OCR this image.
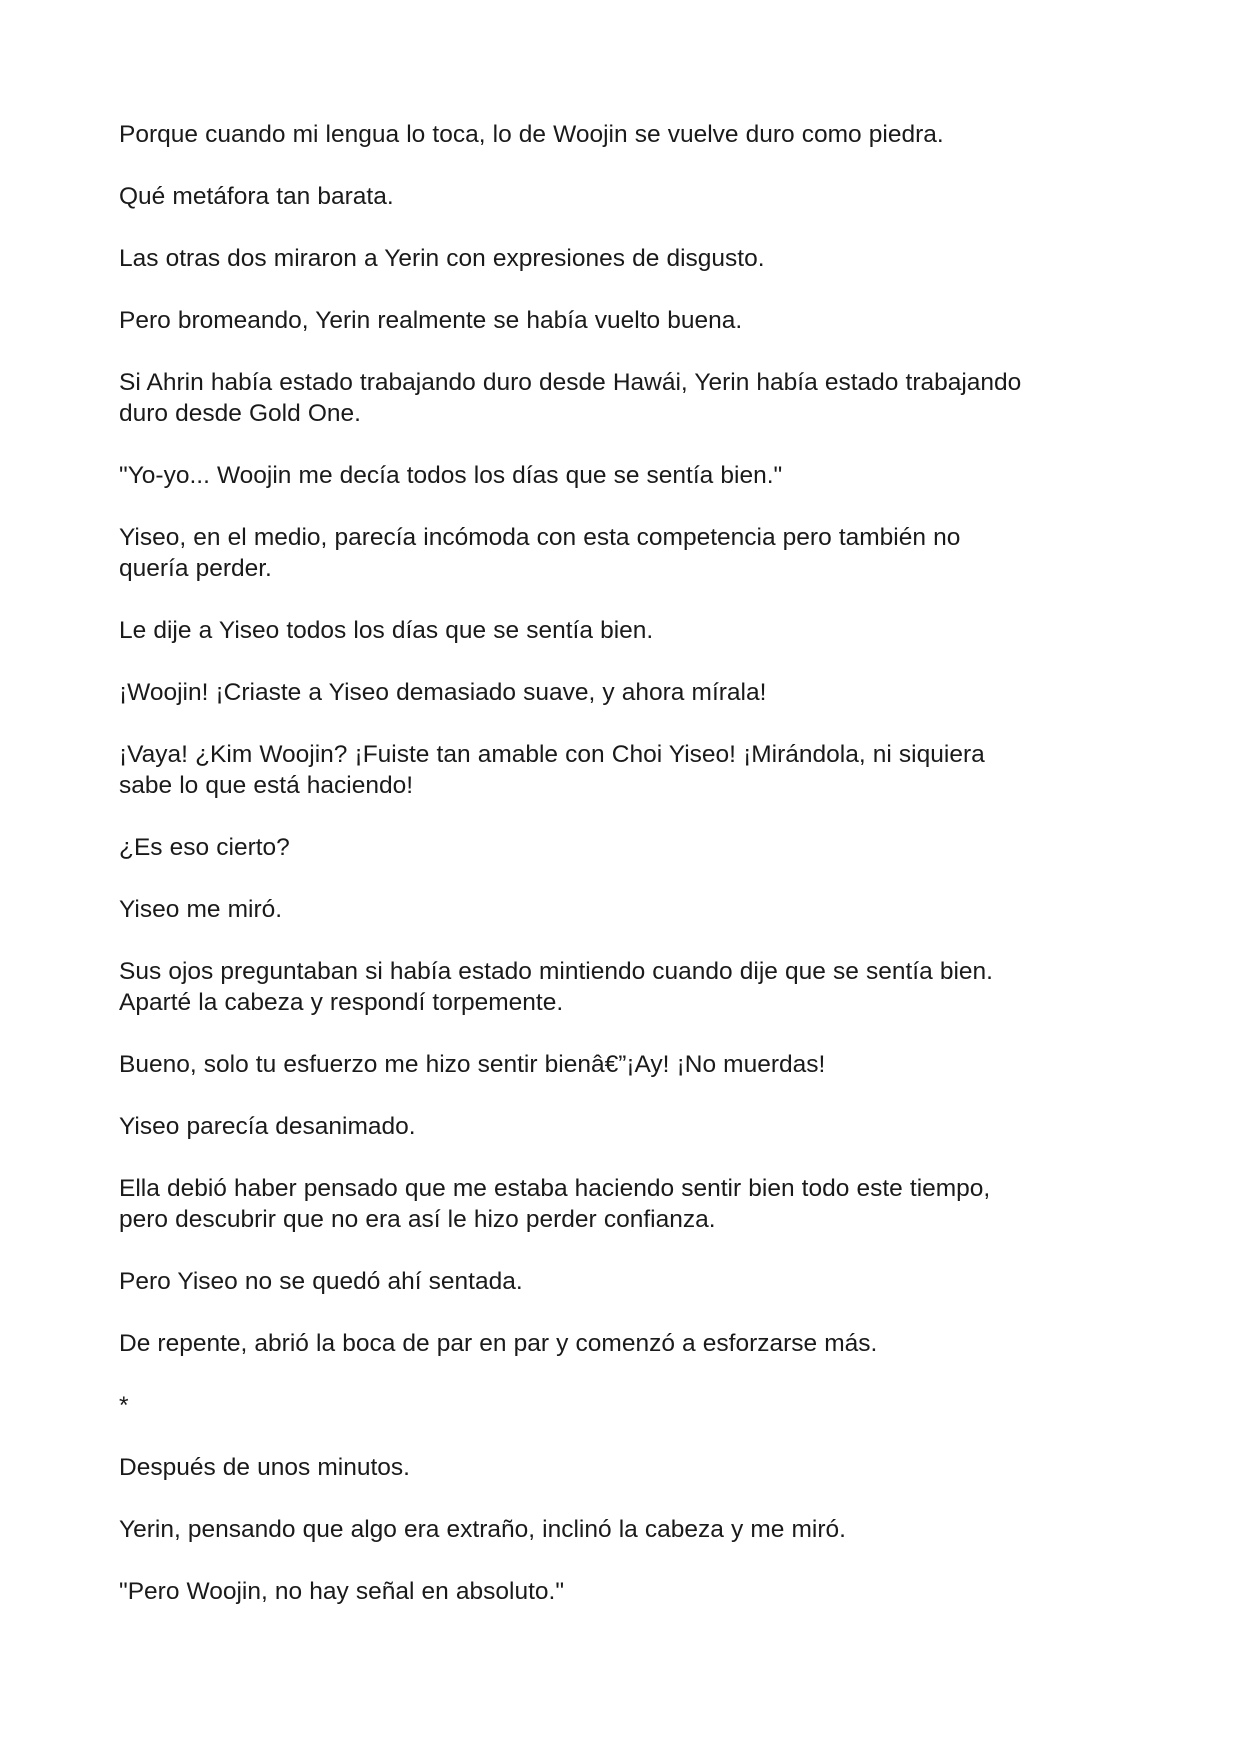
Porque cuando mi lengua lo toca, lo de Woojin se vuelve duro como piedra.

Qué metáfora tan barata.

Las otras dos miraron a Yerin con expresiones de disgusto.

Pero bromeando, Yerin realmente se había vuelto buena.

Si Ahrin había estado trabajando duro desde Hawái, Yerin había estado trabajando
duro desde Gold One.

"Yo-yo... Woojin me decía todos los días que se sentía bien."

Yiseo, en el medio, parecía incómoda con esta competencia pero también no
quería perder.

Le dije a Yiseo todos los días que se sentía bien.

¡Woojin! ¡Criaste a Yiseo demasiado suave, y ahora mírala!

¡Vaya! ¿Kim Woojin? ¡Fuiste tan amable con Choi Yiseo! ¡Mirándola, ni siquiera
sabe lo que está haciendo!

¿Es eso cierto?

Yiseo me miró.

Sus ojos preguntaban si había estado mintiendo cuando dije que se sentía bien.
Aparté la cabeza y respondí torpemente.

Bueno, solo tu esfuerzo me hizo sentir bienâ€”¡Ay! ¡No muerdas!

Yiseo parecía desanimado.

Ella debió haber pensado que me estaba haciendo sentir bien todo este tiempo,
pero descubrir que no era así le hizo perder confianza.

Pero Yiseo no se quedó ahí sentada.

De repente, abrió la boca de par en par y comenzó a esforzarse más.

*

Después de unos minutos.

Yerin, pensando que algo era extraño, inclinó la cabeza y me miró.

"Pero Woojin, no hay señal en absoluto."
